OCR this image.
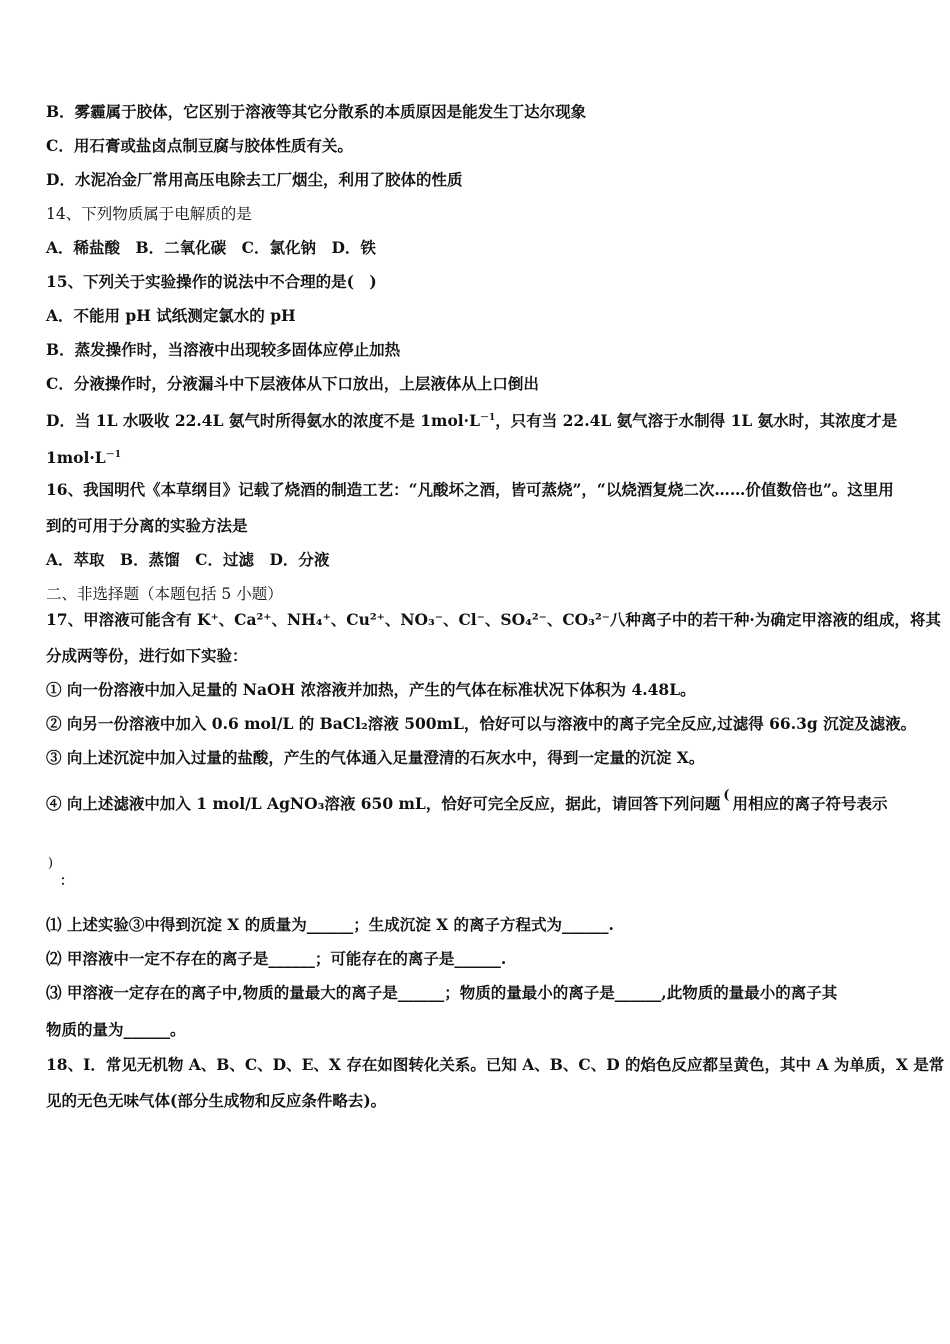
B．雾霾属于胶体，它区别于溶液等其它分散系的本质原因是能发生丁达尔现象
C．用石膏或盐卤点制豆腐与胶体性质有关。
D．水泥冶金厂常用高压电除去工厂烟尘，利用了胶体的性质
14、下列物质属于电解质的是
A．稀盐酸　B．二氧化碳　C．氯化钠　D．铁
15、下列关于实验操作的说法中不合理的是(　)
A．不能用 pH 试纸测定氯水的 pH
B．蒸发操作时，当溶液中出现较多固体应停止加热
C．分液操作时，分液漏斗中下层液体从下口放出，上层液体从上口倒出
D．当 1L 水吸收 22.4L 氨气时所得氨水的浓度不是 $1mol\cdot L^{-1}$，只有当 22.4L 氨气溶于水制得 1L 氨水时，其浓度才是
$1mol\cdot L^{-1}$
16、我国明代《本草纲目》记载了烧酒的制造工艺：“凡酸坏之酒，皆可蒸烧”，“以烧酒复烧二次……价值数倍也”。这里用
到的可用于分离的实验方法是
A．萃取　B．蒸馏　C．过滤　D．分液
二、非选择题（本题包括 5 小题）
17、甲溶液可能含有 K⁺、Ca²⁺、NH₄⁺、Cu²⁺、NO₃⁻、Cl⁻、SO₄²⁻、CO₃²⁻八种离子中的若干种·为确定甲溶液的组成，将其
分成两等份，进行如下实验：
① 向一份溶液中加入足量的 NaOH 浓溶液并加热，产生的气体在标准状况下体积为 4.48L。
② 向另一份溶液中加入 0.6 mol/L 的 BaCl₂溶液 500mL，恰好可以与溶液中的离子完全反应,过滤得 66.3g 沉淀及滤液。
③ 向上述沉淀中加入过量的盐酸，产生的气体通入足量澄清的石灰水中，得到一定量的沉淀 X。
④ 向上述滤液中加入 1 mol/L AgNO₃溶液 650 mL，恰好可完全反应，据此，请回答下列问题 ( 用相应的离子符号表示
)
：
⑴ 上述实验③中得到沉淀 X 的质量为______；生成沉淀 X 的离子方程式为______.
⑵ 甲溶液中一定不存在的离子是______；可能存在的离子是______.
⑶ 甲溶液一定存在的离子中,物质的量最大的离子是______；物质的量最小的离子是______,此物质的量最小的离子其
物质的量为______。
18、I．常见无机物 A、B、C、D、E、X 存在如图转化关系。已知 A、B、C、D 的焰色反应都呈黄色，其中 A 为单质，X 是常
见的无色无味气体(部分生成物和反应条件略去)。
